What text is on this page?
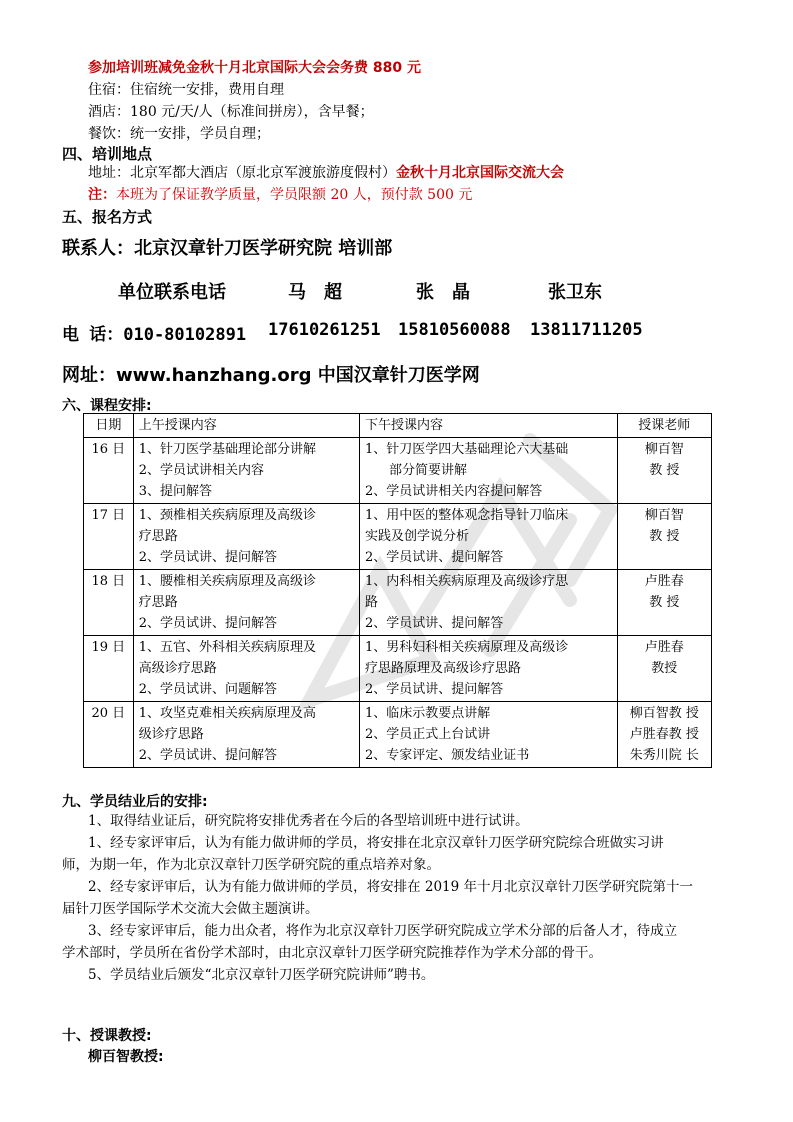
参加培训班减免金秋十月北京国际大会会务费 880 元
住宿：住宿统一安排，费用自理
酒店：180 元/天/人（标准间拼房），含早餐；
餐饮：统一安排，学员自理；
四、培训地点
地址：北京军都大酒店（原北京军渡旅游度假村）金秋十月北京国际交流大会
注：本班为了保证教学质量，学员限额 20 人，预付款 500 元
五、报名方式
联系人：北京汉章针刀医学研究院 培训部
单位联系电话	马　超	张　晶	张卫东
电 话：010-80102891 17610261251 15810560088 13811711205
网址：www.hanzhang.org 中国汉章针刀医学网
六、课程安排:
日期	上午授课内容	下午授课内容	授课老师
16 日	1、针刀医学基础理论部分讲解
2、学员试讲相关内容
3、提问解答	1、针刀医学四大基础理论六大基础
部分简要讲解
2、学员试讲相关内容提问解答	柳百智
教 授

17 日	1、颈椎相关疾病原理及高级诊
疗思路
2、学员试讲、提问解答	1、用中医的整体观念指导针刀临床
实践及创学说分析
2、学员试讲、提问解答	柳百智
教 授

18 日	1、腰椎相关疾病原理及高级诊
疗思路
2、学员试讲、提问解答	1、内科相关疾病原理及高级诊疗思
路
2、学员试讲、提问解答	卢胜春
教 授

19 日	1、五官、外科相关疾病原理及
高级诊疗思路
2、学员试讲、问题解答	1、男科妇科相关疾病原理及高级诊
疗思路原理及高级诊疗思路
2、学员试讲、提问解答	卢胜春
教授

20 日	1、攻坚克难相关疾病原理及高
级诊疗思路
2、学员试讲、提问解答	1、临床示教要点讲解
2、学员正式上台试讲
2、专家评定、颁发结业证书	柳百智教 授
卢胜春教 授
朱秀川院 长
九、学员结业后的安排:
1、取得结业证后，研究院将安排优秀者在今后的各型培训班中进行试讲。
1、经专家评审后，认为有能力做讲师的学员，将安排在北京汉章针刀医学研究院综合班做实习讲
师，为期一年，作为北京汉章针刀医学研究院的重点培养对象。
2、经专家评审后，认为有能力做讲师的学员，将安排在 2019 年十月北京汉章针刀医学研究院第十一
届针刀医学国际学术交流大会做主题演讲。
3、经专家评审后，能力出众者，将作为北京汉章针刀医学研究院成立学术分部的后备人才，待成立
学术部时，学员所在省份学术部时，由北京汉章针刀医学研究院推荐作为学术分部的骨干。
5、学员结业后颁发“北京汉章针刀医学研究院讲师”聘书。
十、授课教授:
柳百智教授:
